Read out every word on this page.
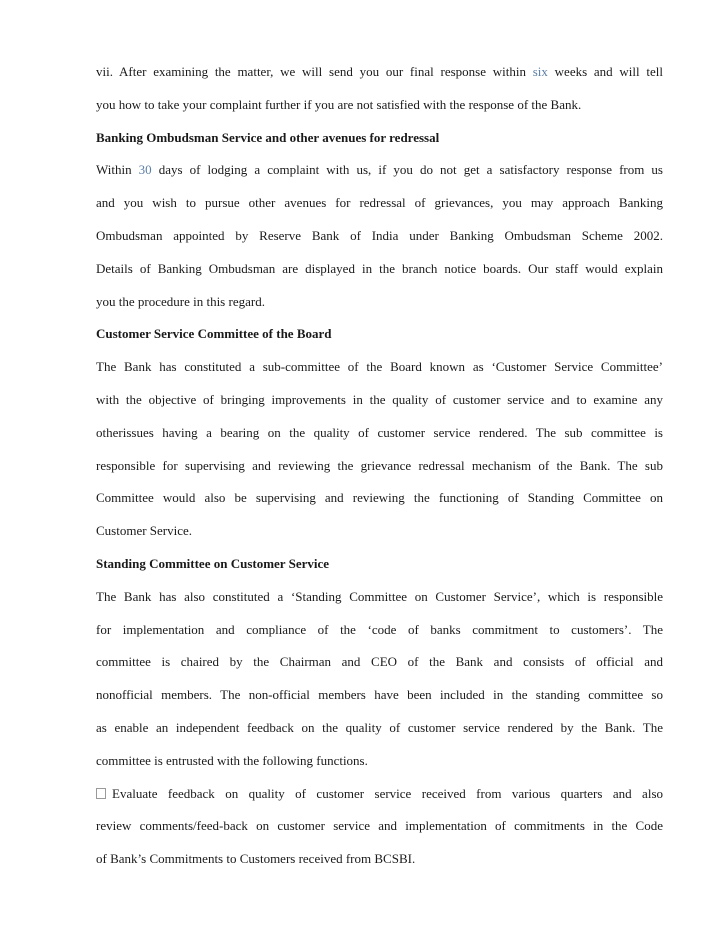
vii. After examining the matter, we will send you our final response within six weeks and will tell
you how to take your complaint further if you are not satisfied with the response of the Bank.
Banking Ombudsman Service and other avenues for redressal
Within 30 days of lodging a complaint with us, if you do not get a satisfactory response from us
and you wish to pursue other avenues for redressal of grievances, you may approach Banking
Ombudsman appointed by Reserve Bank of India under Banking Ombudsman Scheme 2002.
Details of Banking Ombudsman are displayed in the branch notice boards. Our staff would explain
you the procedure in this regard.
Customer Service Committee of the Board
The Bank has constituted a sub-committee of the Board known as ‘Customer Service Committee’
with the objective of bringing improvements in the quality of customer service and to examine any
otherissues having a bearing on the quality of customer service rendered. The sub committee is
responsible for supervising and reviewing the grievance redressal mechanism of the Bank. The sub
Committee would also be supervising and reviewing the functioning of Standing Committee on
Customer Service.
Standing Committee on Customer Service
The Bank has also constituted a ‘Standing Committee on Customer Service’, which is responsible
for implementation and compliance of the ‘code of banks commitment to customers’. The
committee is chaired by the Chairman and CEO of the Bank and consists of official and
nonofficial members. The non-official members have been included in the standing committee so
as enable an independent feedback on the quality of customer service rendered by the Bank. The
committee is entrusted with the following functions.
Evaluate feedback on quality of customer service received from various quarters and also
review comments/feed-back on customer service and implementation of commitments in the Code
of Bank’s Commitments to Customers received from BCSBI.
